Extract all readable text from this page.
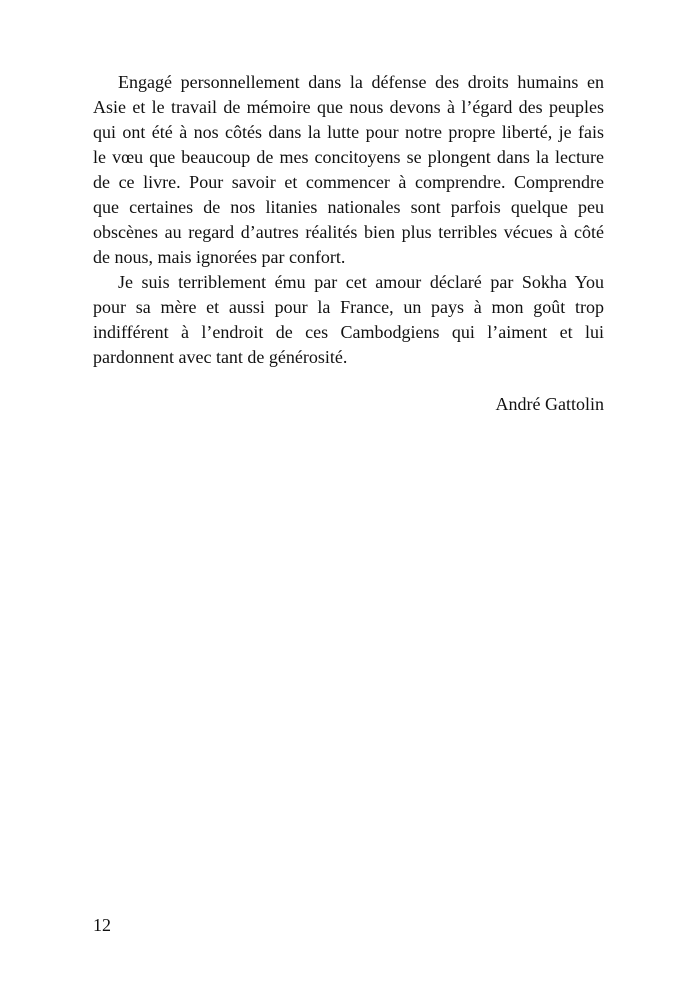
Engagé personnellement dans la défense des droits humains en
Asie et le travail de mémoire que nous devons à l’égard des peuples
qui ont été à nos côtés dans la lutte pour notre propre liberté, je fais
le vœu que beaucoup de mes concitoyens se plongent dans la lecture
de ce livre. Pour savoir et commencer à comprendre. Comprendre
que certaines de nos litanies nationales sont parfois quelque peu
obscènes au regard d’autres réalités bien plus terribles vécues à côté
de nous, mais ignorées par confort.
Je suis terriblement ému par cet amour déclaré par Sokha You
pour sa mère et aussi pour la France, un pays à mon goût trop
indifférent à l’endroit de ces Cambodgiens qui l’aiment et lui
pardonnent avec tant de générosité.
André Gattolin
12
